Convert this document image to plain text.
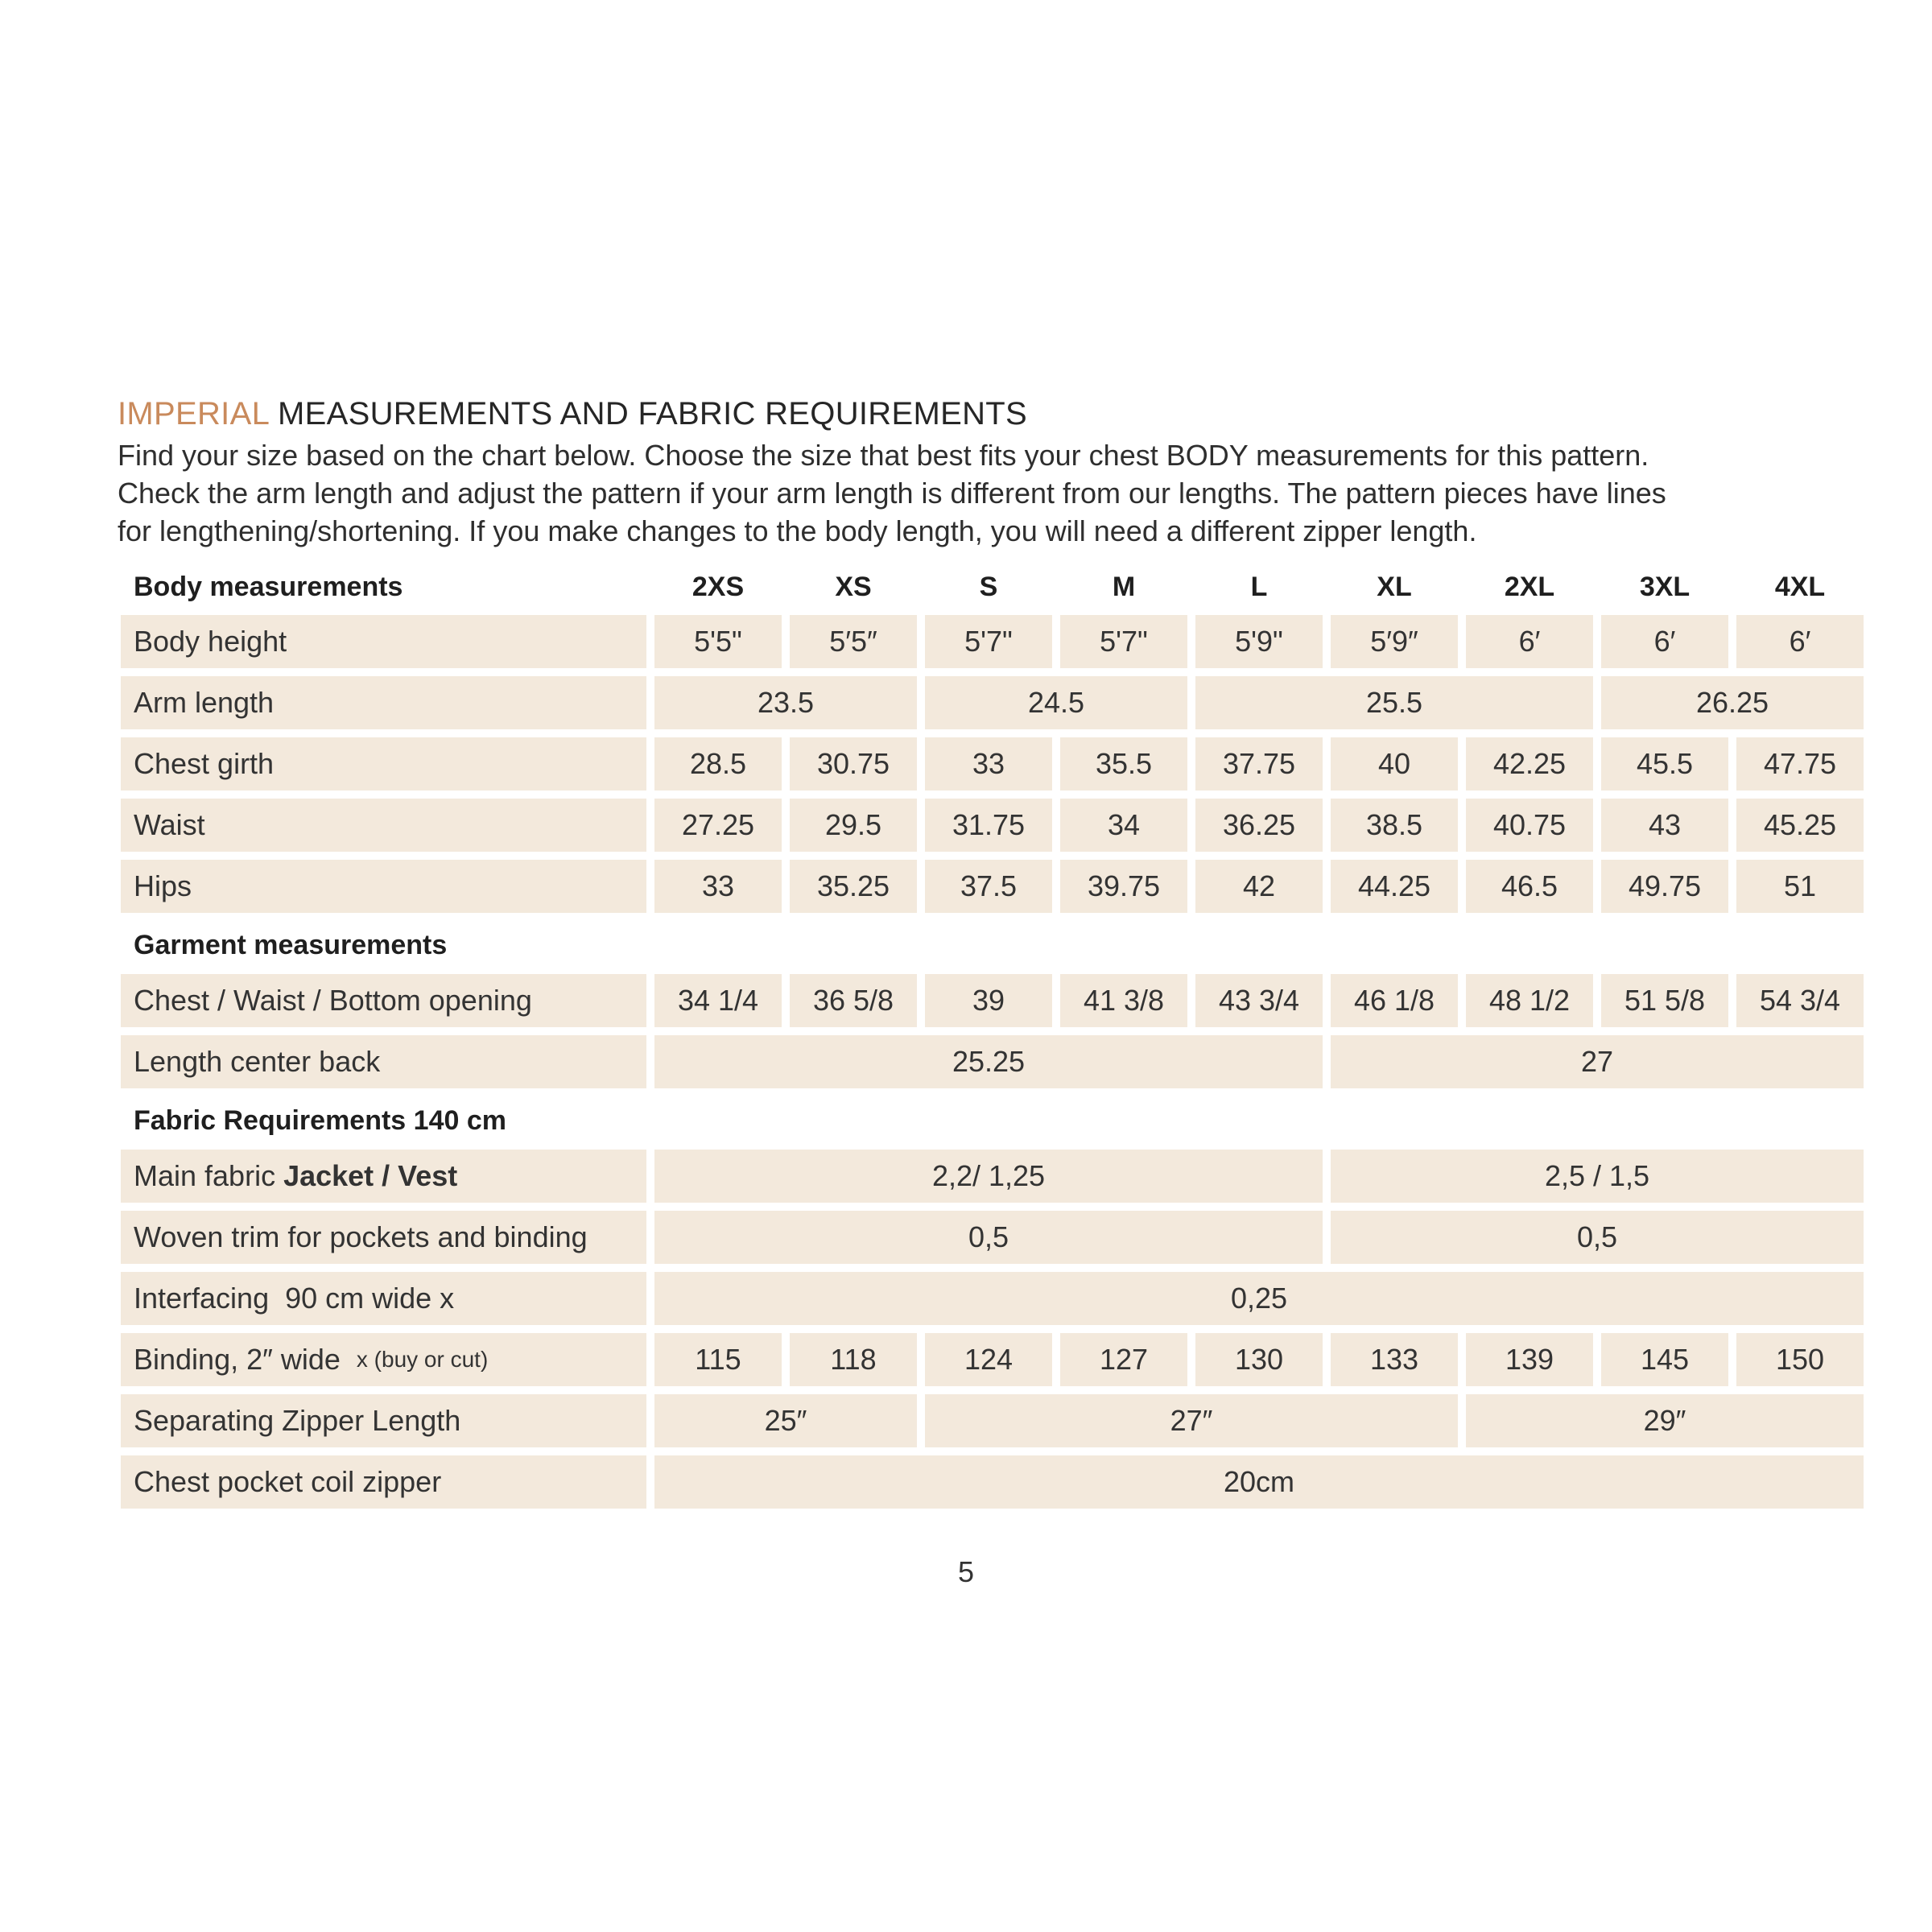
IMPERIAL MEASUREMENTS AND FABRIC REQUIREMENTS
Find your size based on the chart below. Choose the size that best fits your chest BODY measurements for this pattern.
Check the arm length and adjust the pattern if your arm length is different from our lengths. The pattern pieces have lines
for lengthening/shortening. If you make changes to the body length, you will need a different zipper length.
Body measurements	2XS	XS	S	M	L	XL	2XL	3XL	4XL
Body height	5'5"	5′5″	5'7"	5'7"	5'9"	5′9″	6′	6′	6′
Arm length	23.5	24.5	25.5	26.25
Chest girth	28.5	30.75	33	35.5	37.75	40	42.25	45.5	47.75
Waist	27.25	29.5	31.75	34	36.25	38.5	40.75	43	45.25
Hips	33	35.25	37.5	39.75	42	44.25	46.5	49.75	51
Garment measurements
Chest / Waist / Bottom opening	34 1/4	36 5/8	39	41 3/8	43 3/4	46 1/8	48 1/2	51 5/8	54 3/4
Length center back	25.25	27
Fabric Requirements 140 cm
Main fabric Jacket / Vest	2,2/ 1,25	2,5 / 1,5
Woven trim for pockets and binding	0,5	0,5
Interfacing  90 cm wide x	0,25
Binding, 2″ wide x (buy or cut)	115	118	124	127	130	133	139	145	150
Separating Zipper Length	25″	27″	29″
Chest pocket coil zipper	20cm
5
